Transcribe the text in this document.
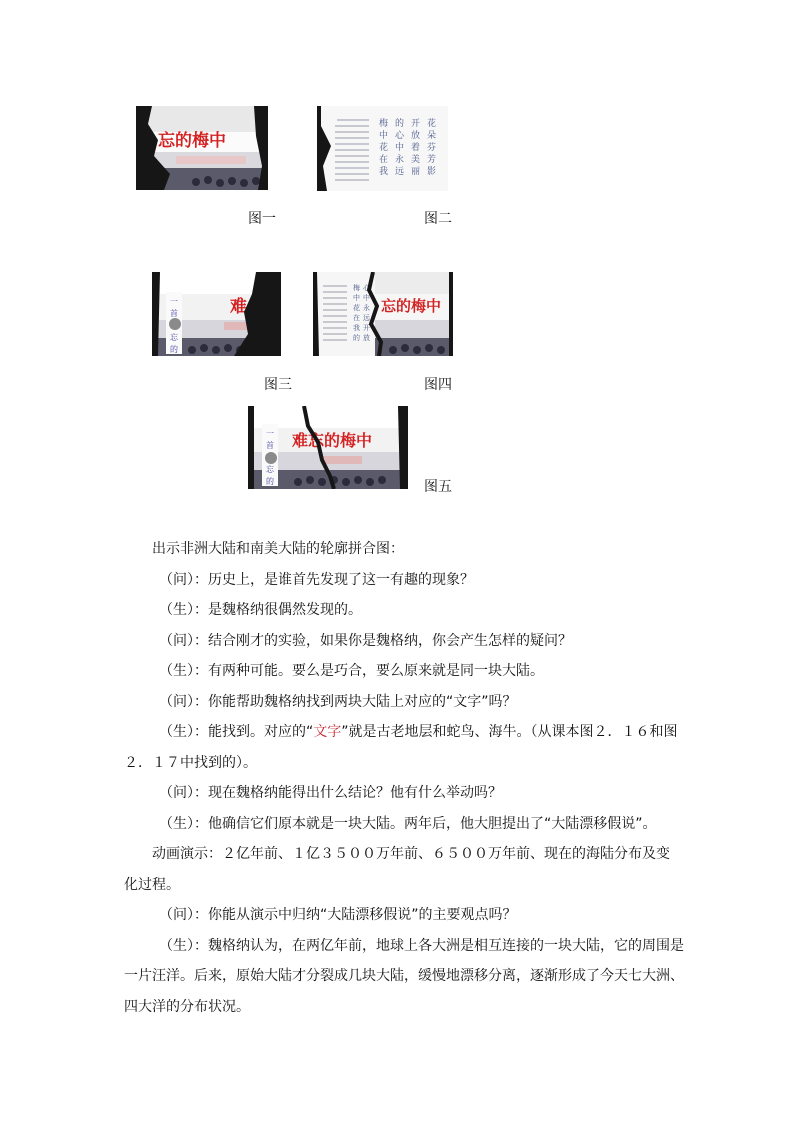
忘的梅中
图一
梅
中
花
在
我
的
心
中
永
远
开
放
着
美
丽
花
朵
芬
芳
影
图二
一
首
忘
的
难
图三
梅
中
花
在
我
的
心
中
永
远
开
放
忘的梅中
图四
一
首
忘
的
难忘的梅中
图五

出示非洲大陆和南美大陆的轮廓拼合图：

（问）：历史上，是谁首先发现了这一有趣的现象？

（生）：是魏格纳很偶然发现的。

（问）：结合刚才的实验，如果你是魏格纳，你会产生怎样的疑问？

（生）：有两种可能。要么是巧合，要么原来就是同一块大陆。

（问）：你能帮助魏格纳找到两块大陆上对应的“文字”吗？

（生）：能找到。对应的“文字”就是古老地层和蛇鸟、海牛。（从课本图２．１６和图

２．１７中找到的）。

（问）：现在魏格纳能得出什么结论？他有什么举动吗？

（生）：他确信它们原本就是一块大陆。两年后，他大胆提出了“大陆漂移假说”。

动画演示：２亿年前、１亿３５００万年前、６５００万年前、现在的海陆分布及变

化过程。

（问）：你能从演示中归纳“大陆漂移假说”的主要观点吗？

（生）：魏格纳认为，在两亿年前，地球上各大洲是相互连接的一块大陆，它的周围是

一片汪洋。后来，原始大陆才分裂成几块大陆，缓慢地漂移分离，逐渐形成了今天七大洲、

四大洋的分布状况。
